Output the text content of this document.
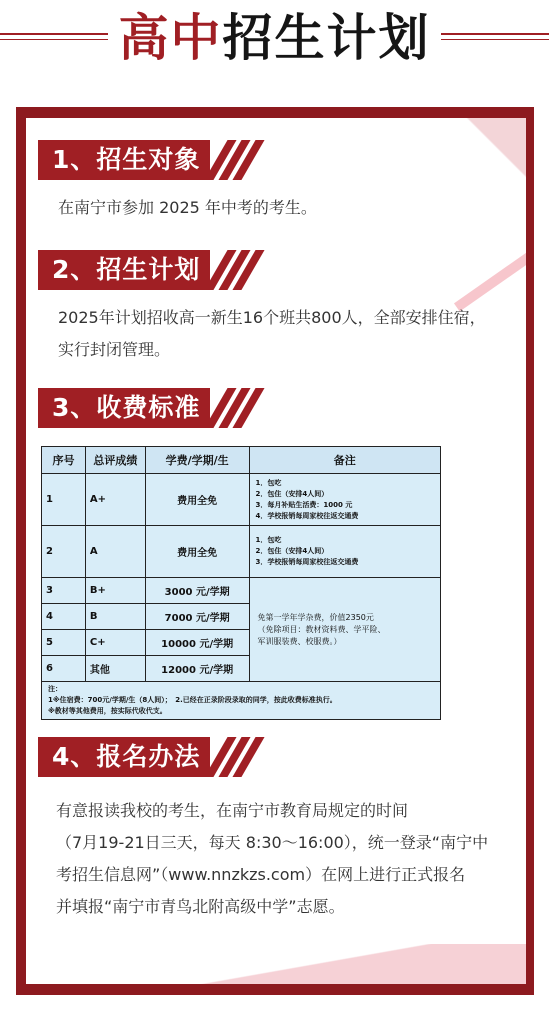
高中招生计划
1、招生对象
在南宁市参加 2025 年中考的考生。
2、招生计划
2025年计划招收高一新生16个班共800人，全部安排住宿，
实行封闭管理。
3、收费标准
序号	总评成绩	学费/学期/生	备注
1	A+	费用全免	1．包吃
2．包住（安排4人间）
3．每月补贴生活费：1000 元
4．学校报销每周家校往返交通费

2	A	费用全免	1．包吃
2．包住（安排4人间）
3．学校报销每周家校往返交通费

3	B+	3000 元/学期	免第一学年学杂费，价值2350元
（免除项目：教材资料费、学平险、
军训服装费、校服费。）

4	B	7000 元/学期	
5	C+	10000 元/学期	
6	其他	12000 元/学期	

注：
1※住宿费：700元/学期/生（8人间）；　2.已经在正录阶段录取的同学，按此收费标准执行。
※教材等其他费用，按实际代收代支。			
4、报名办法
有意报读我校的考生，在南宁市教育局规定的时间
（7月19-21日三天，每天 8:30～16:00），统一登录“南宁中
考招生信息网”（www.nnzkzs.com）在网上进行正式报名
并填报“南宁市青鸟北附高级中学”志愿。
